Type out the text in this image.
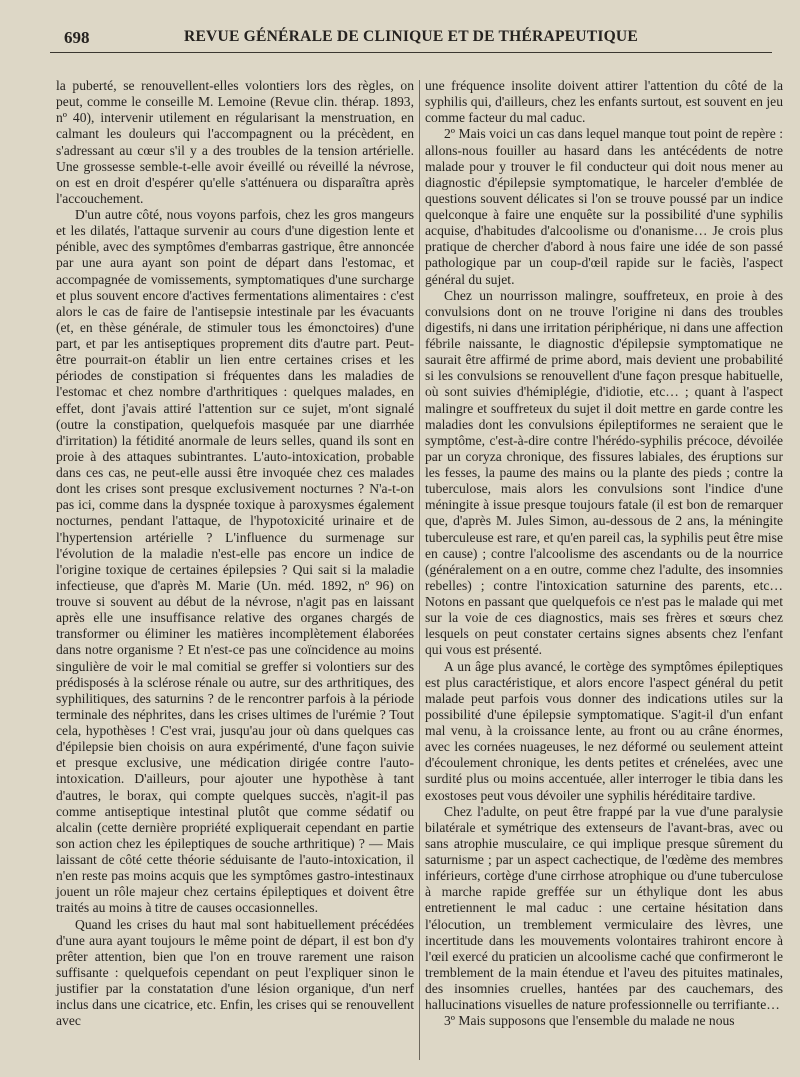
698	REVUE GÉNÉRALE DE CLINIQUE ET DE THÉRAPEUTIQUE

la puberté, se renouvellent-elles volontiers lors des règles, on peut, comme le conseille M. Lemoine (Revue clin. thérap. 1893, nº 40), intervenir utilement en régularisant la menstruation, en calmant les douleurs qui l'accompagnent ou la précèdent, en s'adressant au cœur s'il y a des troubles de la tension artérielle. Une grossesse semble-t-elle avoir éveillé ou réveillé la névrose, on est en droit d'espérer qu'elle s'atténuera ou disparaîtra après l'accouchement.

D'un autre côté, nous voyons parfois, chez les gros mangeurs et les dilatés, l'attaque survenir au cours d'une digestion lente et pénible, avec des symptômes d'embarras gastrique, être annoncée par une aura ayant son point de départ dans l'estomac, et accompagnée de vomissements, symptomatiques d'une surcharge et plus souvent encore d'actives fermentations alimentaires : c'est alors le cas de faire de l'antisepsie intestinale par les évacuants (et, en thèse générale, de stimuler tous les émonctoires) d'une part, et par les antiseptiques proprement dits d'autre part. Peut-être pourrait-on établir un lien entre certaines crises et les périodes de constipation si fréquentes dans les maladies de l'estomac et chez nombre d'arthritiques : quelques malades, en effet, dont j'avais attiré l'attention sur ce sujet, m'ont signalé (outre la constipation, quelquefois masquée par une diarrhée d'irritation) la fétidité anormale de leurs selles, quand ils sont en proie à des attaques subintrantes. L'auto-intoxication, probable dans ces cas, ne peut-elle aussi être invoquée chez ces malades dont les crises sont presque exclusivement nocturnes ? N'a-t-on pas ici, comme dans la dyspnée toxique à paroxysmes également nocturnes, pendant l'attaque, de l'hypotoxicité urinaire et de l'hypertension artérielle ? L'influence du surmenage sur l'évolution de la maladie n'est-elle pas encore un indice de l'origine toxique de certaines épilepsies ? Qui sait si la maladie infectieuse, que d'après M. Marie (Un. méd. 1892, nº 96) on trouve si souvent au début de la névrose, n'agit pas en laissant après elle une insuffisance relative des organes chargés de transformer ou éliminer les matières incomplètement élaborées dans notre organisme ? Et n'est-ce pas une coïncidence au moins singulière de voir le mal comitial se greffer si volontiers sur des prédisposés à la sclérose rénale ou autre, sur des arthritiques, des syphilitiques, des saturnins ? de le rencontrer parfois à la période terminale des néphrites, dans les crises ultimes de l'urémie ? Tout cela, hypothèses ! C'est vrai, jusqu'au jour où dans quelques cas d'épilepsie bien choisis on aura expérimenté, d'une façon suivie et presque exclusive, une médication dirigée contre l'auto-intoxication. D'ailleurs, pour ajouter une hypothèse à tant d'autres, le borax, qui compte quelques succès, n'agit-il pas comme antiseptique intestinal plutôt que comme sédatif ou alcalin (cette dernière propriété expliquerait cependant en partie son action chez les épileptiques de souche arthritique) ? — Mais laissant de côté cette théorie séduisante de l'auto-intoxication, il n'en reste pas moins acquis que les symptômes gastro-intestinaux jouent un rôle majeur chez certains épileptiques et doivent être traités au moins à titre de causes occasionnelles.

Quand les crises du haut mal sont habituellement précédées d'une aura ayant toujours le même point de départ, il est bon d'y prêter attention, bien que l'on en trouve rarement une raison suffisante : quelquefois cependant on peut l'expliquer sinon le justifier par la constatation d'une lésion organique, d'un nerf inclus dans une cicatrice, etc. Enfin, les crises qui se renouvellent avec

une fréquence insolite doivent attirer l'attention du côté de la syphilis qui, d'ailleurs, chez les enfants surtout, est souvent en jeu comme facteur du mal caduc.

2º Mais voici un cas dans lequel manque tout point de repère : allons-nous fouiller au hasard dans les antécédents de notre malade pour y trouver le fil conducteur qui doit nous mener au diagnostic d'épilepsie symptomatique, le harceler d'emblée de questions souvent délicates si l'on se trouve poussé par un indice quelconque à faire une enquête sur la possibilité d'une syphilis acquise, d'habitudes d'alcoolisme ou d'onanisme… Je crois plus pratique de chercher d'abord à nous faire une idée de son passé pathologique par un coup-d'œil rapide sur le faciès, l'aspect général du sujet.

Chez un nourrisson malingre, souffreteux, en proie à des convulsions dont on ne trouve l'origine ni dans des troubles digestifs, ni dans une irritation périphérique, ni dans une affection fébrile naissante, le diagnostic d'épilepsie symptomatique ne saurait être affirmé de prime abord, mais devient une probabilité si les convulsions se renouvellent d'une façon presque habituelle, où sont suivies d'hémiplégie, d'idiotie, etc… ; quant à l'aspect malingre et souffreteux du sujet il doit mettre en garde contre les maladies dont les convulsions épileptiformes ne seraient que le symptôme, c'est-à-dire contre l'hérédo-syphilis précoce, dévoilée par un coryza chronique, des fissures labiales, des éruptions sur les fesses, la paume des mains ou la plante des pieds ; contre la tuberculose, mais alors les convulsions sont l'indice d'une méningite à issue presque toujours fatale (il est bon de remarquer que, d'après M. Jules Simon, au-dessous de 2 ans, la méningite tuberculeuse est rare, et qu'en pareil cas, la syphilis peut être mise en cause) ; contre l'alcoolisme des ascendants ou de la nourrice (généralement on a en outre, comme chez l'adulte, des insomnies rebelles) ; contre l'intoxication saturnine des parents, etc… Notons en passant que quelquefois ce n'est pas le malade qui met sur la voie de ces diagnostics, mais ses frères et sœurs chez lesquels on peut constater certains signes absents chez l'enfant qui vous est présenté.

A un âge plus avancé, le cortège des symptômes épileptiques est plus caractéristique, et alors encore l'aspect général du petit malade peut parfois vous donner des indications utiles sur la possibilité d'une épilepsie symptomatique. S'agit-il d'un enfant mal venu, à la croissance lente, au front ou au crâne énormes, avec les cornées nuageuses, le nez déformé ou seulement atteint d'écoulement chronique, les dents petites et crénelées, avec une surdité plus ou moins accentuée, aller interroger le tibia dans les exostoses peut vous dévoiler une syphilis héréditaire tardive.

Chez l'adulte, on peut être frappé par la vue d'une paralysie bilatérale et symétrique des extenseurs de l'avant-bras, avec ou sans atrophie musculaire, ce qui implique presque sûrement du saturnisme ; par un aspect cachectique, de l'œdème des membres inférieurs, cortège d'une cirrhose atrophique ou d'une tuberculose à marche rapide greffée sur un éthylique dont les abus entretiennent le mal caduc : une certaine hésitation dans l'élocution, un tremblement vermiculaire des lèvres, une incertitude dans les mouvements volontaires trahiront encore à l'œil exercé du praticien un alcoolisme caché que confirmeront le tremblement de la main étendue et l'aveu des pituites matinales, des insomnies cruelles, hantées par des cauchemars, des hallucinations visuelles de nature professionnelle ou terrifiante…

3º Mais supposons que l'ensemble du malade ne nous
